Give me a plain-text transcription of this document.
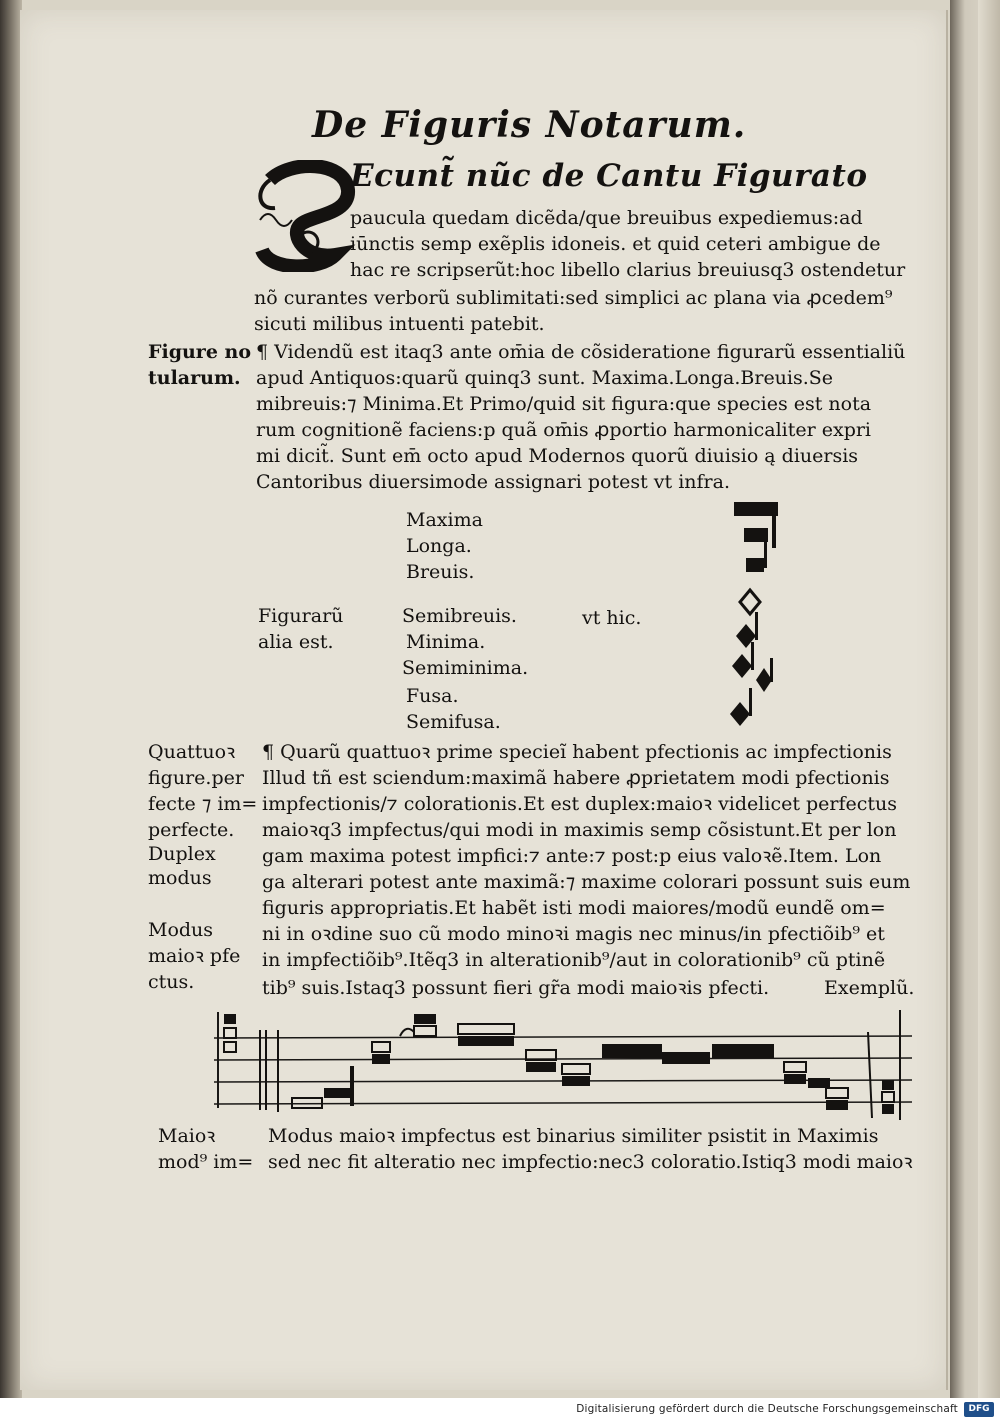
De Figuris Notarum.
Ecunt̃ nũc de Cantu Figurato
paucula quedam dicẽda/que breuibus expediemus:ad
iūnctis semp exẽplis idoneis. et quid ceteri ambigue de
hac re scripserũt:hoc libello clarius breuiusq3 ostendetur
nõ curantes verborũ sublimitati:sed simplici ac plana via ꝓcedem⁹
sicuti milibus intuenti patebit.
Figure no
tularum.
¶ Videndũ est itaq3 ante om̄ia de cõsideratione figurarũ essentialiũ
apud Antiquos:quarũ quinq3 sunt. Maxima.Longa.Breuis.Se
mibreuis:⁊ Minima.Et Primo/quid sit figura:que species est nota
rum cognitionẽ faciens:p quã om̄is ꝓportio harmonicaliter expri
mi dicit̃. Sunt em̄ octo apud Modernos quorũ diuisio ą diuersis
Cantoribus diuersimode assignari potest vt infra.
Maxima
Longa.
Breuis.
Semibreuis.
Minima.
Semiminima.
Fusa.
Semifusa.
Figurarũ
alia est.
vt hic.
Quattuoꝛ
figure.per
fecte ⁊ im=
perfecte.
Duplex
modus
Modus
maioꝛ pfe
ctus.
¶ Quarũ quattuoꝛ prime specieĩ habent pfectionis ac impfectionis
Illud tñ est sciendum:maximã habere ꝓprietatem modi pfectionis
impfectionis/⁊ colorationis.Et est duplex:maioꝛ videlicet perfectus
maioꝛq3 impfectus/qui modi in maximis semp cõsistunt.Et per lon
gam maxima potest impfici:⁊ ante:⁊ post:p eius valoꝛẽ.Item. Lon
ga alterari potest ante maximã:⁊ maxime colorari possunt suis eum
figuris appropriatis.Et habẽt isti modi maiores/modũ eundẽ om=
ni in oꝛdine suo cũ modo minoꝛi magis nec minus/in pfectiõib⁹ et
in impfectiõib⁹.Itẽq3 in alterationib⁹/aut in colorationib⁹ cũ ptinẽ
tib⁹ suis.Istaq3 possunt fieri gr̃a modi maioꝛis pfecti.	Exemplũ.
Maioꝛ
mod⁹ im=
Modus maioꝛ impfectus est binarius similiter psistit in Maximis
sed nec fit alteratio nec impfectio:nec3 coloratio.Istiq3 modi maioꝛ
Digitalisierung gefördert durch die Deutsche Forschungsgemeinschaft	DFG
